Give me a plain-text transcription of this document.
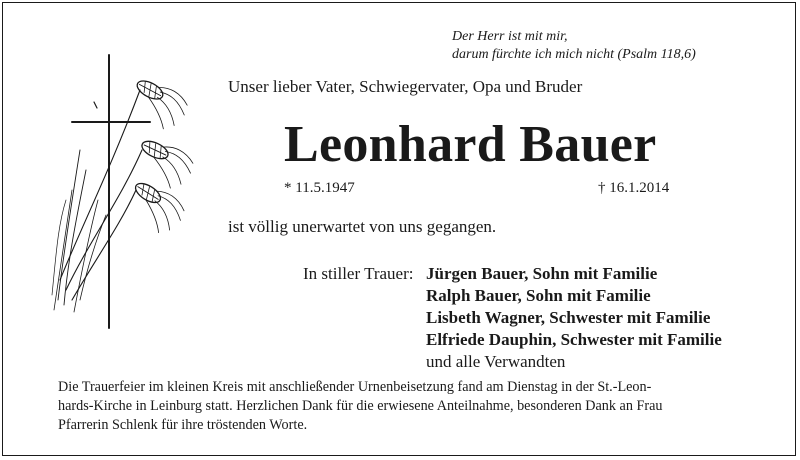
Der Herr ist mit mir,
darum fürchte ich mich nicht (Psalm 118,6)
Unser lieber Vater, Schwiegervater, Opa und Bruder
Leonhard Bauer
* 11.5.1947	† 16.1.2014
ist völlig unerwartet von uns gegangen.
In stiller Trauer: Jürgen Bauer, Sohn mit Familie
Ralph Bauer, Sohn mit Familie
Lisbeth Wagner, Schwester mit Familie
Elfriede Dauphin, Schwester mit Familie
und alle Verwandten
Die Trauerfeier im kleinen Kreis mit anschließender Urnenbeisetzung fand am Dienstag in der St.-Leon-
hards-Kirche in Leinburg statt. Herzlichen Dank für die erwiesene Anteilnahme, besonderen Dank an Frau
Pfarrerin Schlenk für ihre tröstenden Worte.
